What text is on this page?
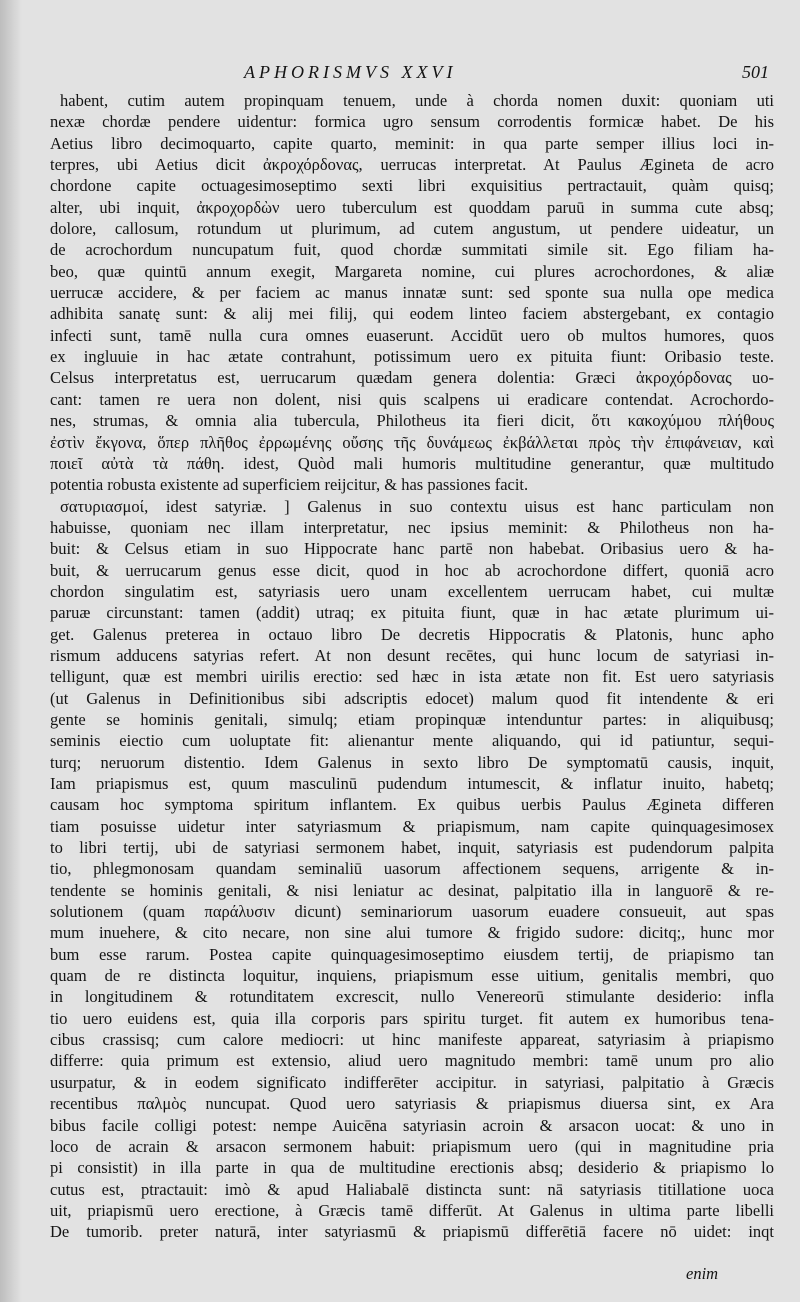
APHORISMVS XXVI	501
habent, cutim autem propinquam tenuem, unde à chorda nomen duxit: quoniam uti
nexæ chordæ pendere uidentur: formica ugro sensum corrodentis formicæ habet. De his
Aetius libro decimoquarto, capite quarto, meminit: in qua parte semper illius loci in-
terpres, ubi Aetius dicit ἀκροχόρδονας, uerrucas interpretat. At Paulus Ægineta de acro
chordone capite octuagesimoseptimo sexti libri exquisitius pertractauit, quàm quisq;
alter, ubi inquit, ἀκροχορδὼν uero tuberculum est quoddam paruū in summa cute absq;
dolore, callosum, rotundum ut plurimum, ad cutem angustum, ut pendere uideatur, un
de acrochordum nuncupatum fuit, quod chordæ summitati simile sit. Ego filiam ha-
beo, quæ quintū annum exegit, Margareta nomine, cui plures acrochordones, & aliæ
uerrucæ accidere, & per faciem ac manus innatæ sunt: sed sponte sua nulla ope medica
adhibita sanatę sunt: & alij mei filij, qui eodem linteo faciem abstergebant, ex contagio
infecti sunt, tamē nulla cura omnes euaserunt. Accidūt uero ob multos humores, quos
ex ingluuie in hac ætate contrahunt, potissimum uero ex pituita fiunt: Oribasio teste.
Celsus interpretatus est, uerrucarum quædam genera dolentia: Græci ἀκροχόρδονας uo-
cant: tamen re uera non dolent, nisi quis scalpens ui eradicare contendat. Acrochordo-
nes, strumas, & omnia alia tubercula, Philotheus ita fieri dicit, ὅτι κακοχύμου πλήθους
ἐστὶν ἔκγονα, ὅπερ πλῆθος ἐρρωμένης οὔσης τῆς δυνάμεως ἐκβάλλεται πρὸς τὴν ἐπιφάνειαν, καὶ
ποιεῖ αὐτὰ τὰ πάθη. idest, Quòd mali humoris multitudine generantur, quæ multitudo
potentia robusta existente ad superficiem reijcitur, & has passiones facit.
σατυριασμοί, idest satyriæ. ] Galenus in suo contextu uisus est hanc particulam non
habuisse, quoniam nec illam interpretatur, nec ipsius meminit: & Philotheus non ha-
buit: & Celsus etiam in suo Hippocrate hanc partē non habebat. Oribasius uero & ha-
buit, & uerrucarum genus esse dicit, quod in hoc ab acrochordone differt, quoniā acro
chordon singulatim est, satyriasis uero unam excellentem uerrucam habet, cui multæ
paruæ circunstant: tamen (addit) utraq; ex pituita fiunt, quæ in hac ætate plurimum ui-
get. Galenus preterea in octauo libro De decretis Hippocratis & Platonis, hunc apho
rismum adducens satyrias refert. At non desunt recētes, qui hunc locum de satyriasi in-
telligunt, quæ est membri uirilis erectio: sed hæc in ista ætate non fit. Est uero satyriasis
(ut Galenus in Definitionibus sibi adscriptis edocet) malum quod fit intendente & eri
gente se hominis genitali, simulq; etiam propinquæ intenduntur partes: in aliquibusq;
seminis eiectio cum uoluptate fit: alienantur mente aliquando, qui id patiuntur, sequi-
turq; neruorum distentio. Idem Galenus in sexto libro De symptomatū causis, inquit,
Iam priapismus est, quum masculinū pudendum intumescit, & inflatur inuito, habetq;
causam hoc symptoma spiritum inflantem. Ex quibus uerbis Paulus Ægineta differen
tiam posuisse uidetur inter satyriasmum & priapismum, nam capite quinquagesimosex
to libri tertij, ubi de satyriasi sermonem habet, inquit, satyriasis est pudendorum palpita
tio, phlegmonosam quandam seminaliū uasorum affectionem sequens, arrigente & in-
tendente se hominis genitali, & nisi leniatur ac desinat, palpitatio illa in languorē & re-
solutionem (quam παράλυσιν dicunt) seminariorum uasorum euadere consueuit, aut spas
mum inuehere, & cito necare, non sine alui tumore & frigido sudore: dicitq;, hunc mor
bum esse rarum. Postea capite quinquagesimoseptimo eiusdem tertij, de priapismo tan
quam de re distincta loquitur, inquiens, priapismum esse uitium, genitalis membri, quo
in longitudinem & rotunditatem excrescit, nullo Venereorū stimulante desiderio: infla
tio uero euidens est, quia illa corporis pars spiritu turget. fit autem ex humoribus tena-
cibus crassisq; cum calore mediocri: ut hinc manifeste appareat, satyriasim à priapismo
differre: quia primum est extensio, aliud uero magnitudo membri: tamē unum pro alio
usurpatur, & in eodem significato indifferēter accipitur. in satyriasi, palpitatio à Græcis
recentibus παλμὸς nuncupat. Quod uero satyriasis & priapismus diuersa sint, ex Ara
bibus facile colligi potest: nempe Auicēna satyriasin acroin & arsacon uocat: & uno in
loco de acrain & arsacon sermonem habuit: priapismum uero (qui in magnitudine pria
pi consistit) in illa parte in qua de multitudine erectionis absq; desiderio & priapismo lo
cutus est, ptractauit: imò & apud Haliabalē distincta sunt: nā satyriasis titillatione uoca
uit, priapismū uero erectione, à Græcis tamē differūt. At Galenus in ultima parte libelli
De tumorib. preter naturā, inter satyriasmū & priapismū differētiā facere nō uidet: inqt
enim
